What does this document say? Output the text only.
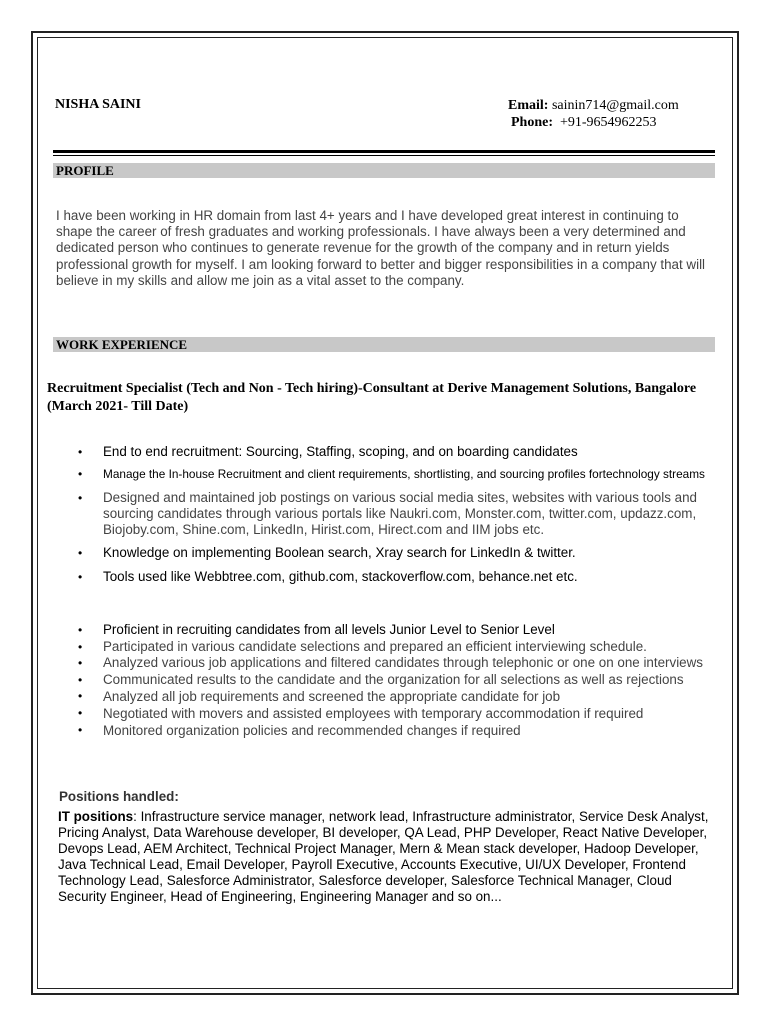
NISHA SAINI	Email: sainin714@gmail.com
Phone: +91-9654962253
PROFILE
I have been working in HR domain from last 4+ years and I have developed great interest in continuing to shape the career of fresh graduates and working professionals. I have always been a very determined and dedicated person who continues to generate revenue for the growth of the company and in return yields professional growth for myself. I am looking forward to better and bigger responsibilities in a company that will believe in my skills and allow me join as a vital asset to the company.
WORK EXPERIENCE
Recruitment Specialist (Tech and Non - Tech hiring)-Consultant at Derive Management Solutions, Bangalore (March 2021- Till Date)
• End to end recruitment: Sourcing, Staffing, scoping, and on boarding candidates
• Manage the In-house Recruitment and client requirements, shortlisting, and sourcing profiles fortechnology streams
• Designed and maintained job postings on various social media sites, websites with various tools and sourcing candidates through various portals like Naukri.com, Monster.com, twitter.com, updazz.com, Biojoby.com, Shine.com, LinkedIn, Hirist.com, Hirect.com and IIM jobs etc.
• Knowledge on implementing Boolean search, Xray search for LinkedIn & twitter.
• Tools used like Webbtree.com, github.com, stackoverflow.com, behance.net etc.
• Proficient in recruiting candidates from all levels Junior Level to Senior Level
• Participated in various candidate selections and prepared an efficient interviewing schedule.
• Analyzed various job applications and filtered candidates through telephonic or one on one interviews
• Communicated results to the candidate and the organization for all selections as well as rejections
• Analyzed all job requirements and screened the appropriate candidate for job
• Negotiated with movers and assisted employees with temporary accommodation if required
• Monitored organization policies and recommended changes if required
Positions handled:
IT positions: Infrastructure service manager, network lead, Infrastructure administrator, Service Desk Analyst, Pricing Analyst, Data Warehouse developer, BI developer, QA Lead, PHP Developer, React Native Developer, Devops Lead, AEM Architect, Technical Project Manager, Mern & Mean stack developer, Hadoop Developer, Java Technical Lead, Email Developer, Payroll Executive, Accounts Executive, UI/UX Developer, Frontend Technology Lead, Salesforce Administrator, Salesforce developer, Salesforce Technical Manager, Cloud Security Engineer, Head of Engineering, Engineering Manager and so on...
